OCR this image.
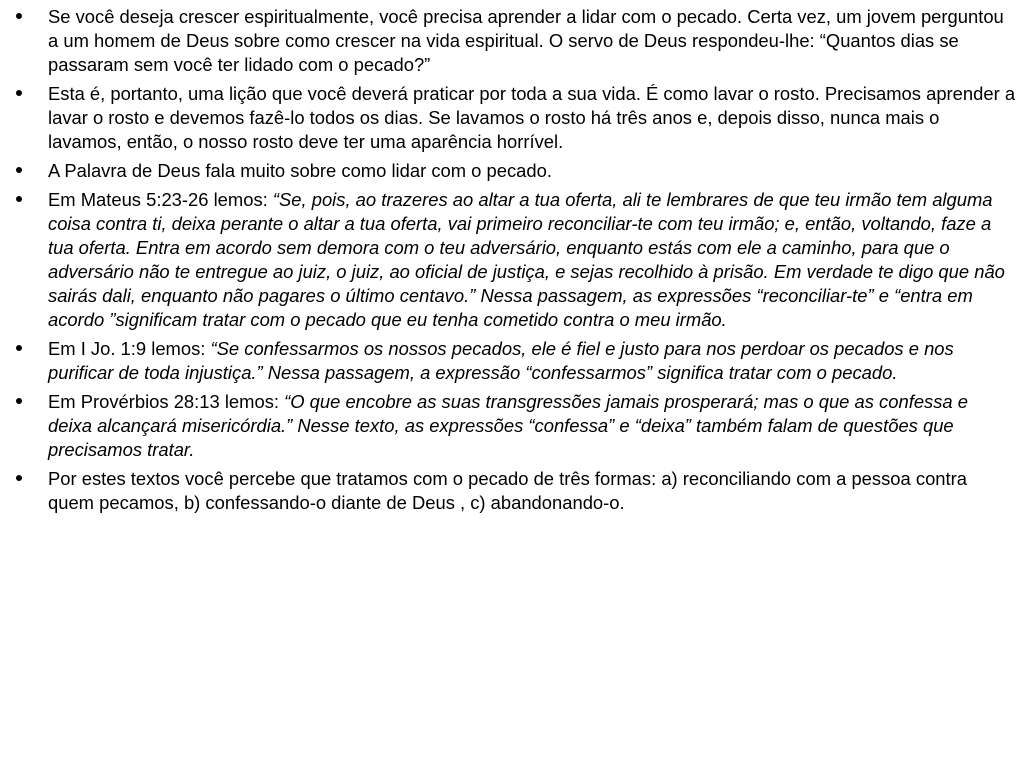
Se você deseja crescer espiritualmente, você precisa aprender a lidar com o pecado. Certa vez, um jovem perguntou a um homem de Deus sobre como crescer na vida espiritual. O servo de Deus respondeu-lhe: “Quantos dias se passaram sem você ter lidado com o pecado?”
Esta é, portanto, uma lição que você deverá praticar por toda a sua vida. É como lavar o rosto. Precisamos aprender a lavar o rosto e devemos fazê-lo todos os dias. Se lavamos o rosto há três anos e, depois disso, nunca mais o lavamos, então, o nosso rosto deve ter uma aparência horrível.
A Palavra de Deus fala muito sobre como lidar com o pecado.
Em Mateus 5:23-26 lemos: “Se, pois, ao trazeres ao altar a tua oferta, ali te lembrares de que teu irmão tem alguma coisa contra ti, deixa perante o altar a tua oferta, vai primeiro reconciliar-te com teu irmão; e, então, voltando, faze a tua oferta. Entra em acordo sem demora com o teu adversário, enquanto estás com ele a caminho, para que o adversário não te entregue ao juiz, o juiz, ao oficial de justiça, e sejas recolhido à prisão. Em verdade te digo que não sairás dali, enquanto não pagares o último centavo.” Nessa passagem, as expressões “reconciliar-te” e “entra em acordo ”significam tratar com o pecado que eu tenha cometido contra o meu irmão.
Em I Jo. 1:9 lemos: “Se confessarmos os nossos pecados, ele é fiel e justo para nos perdoar os pecados e nos purificar de toda injustiça.” Nessa passagem, a expressão “confessarmos” significa tratar com o pecado.
Em Provérbios 28:13 lemos: “O que encobre as suas transgressões jamais prosperará; mas o que as confessa e deixa alcançará misericórdia.” Nesse texto, as expressões “confessa” e “deixa” também falam de questões que precisamos tratar.
Por estes textos você percebe que tratamos com o pecado de três formas: a) reconciliando com a pessoa contra quem pecamos, b) confessando-o diante de Deus , c) abandonando-o.
